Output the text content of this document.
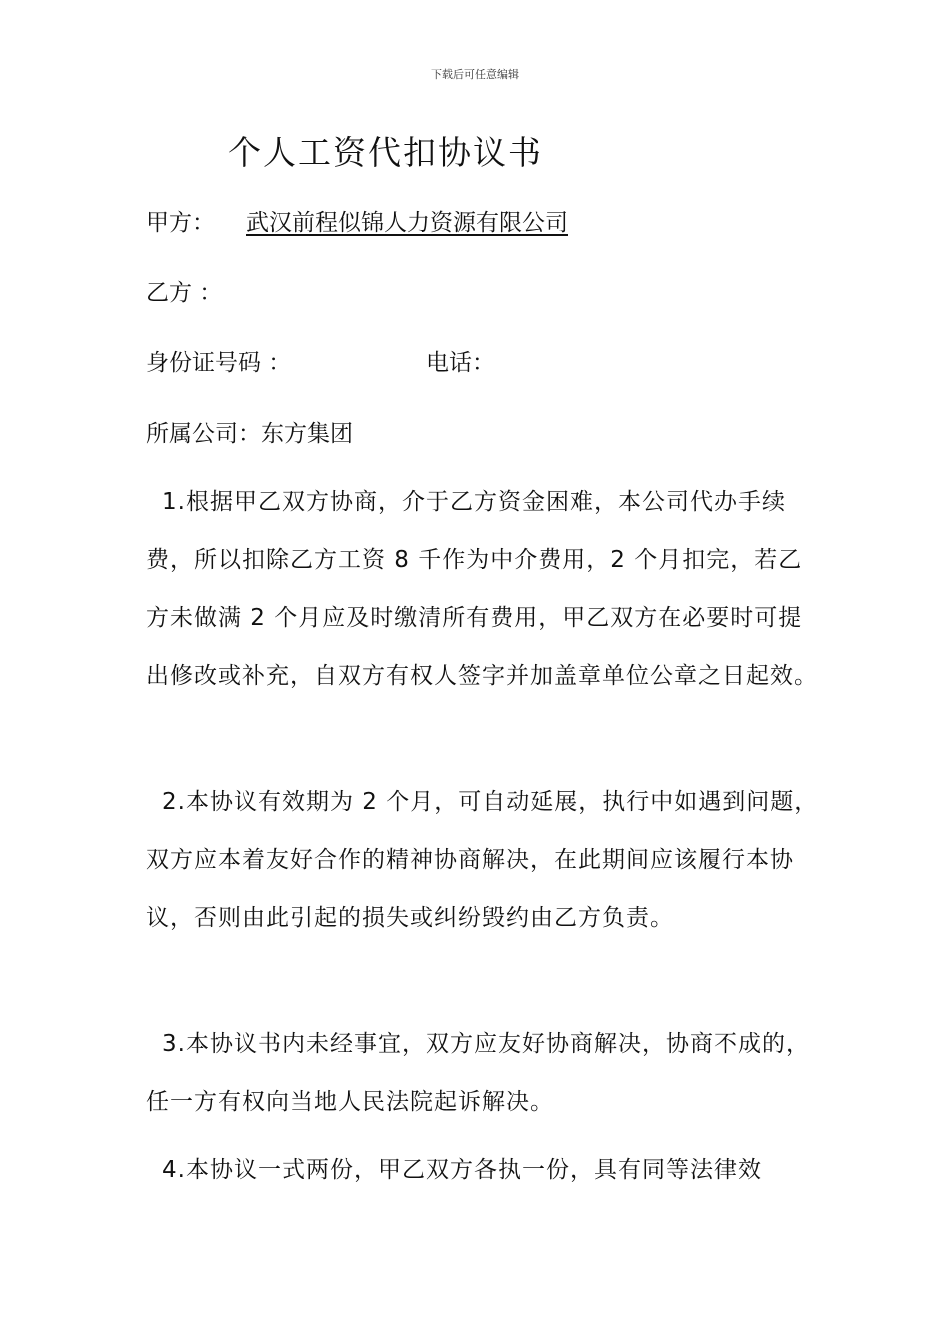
下载后可任意编辑
个人工资代扣协议书
甲方： 武汉前程似锦人力资源有限公司
乙方 ：
身份证号码 ：	电话：
所属公司：东方集团

1.根据甲乙双方协商，介于乙方资金困难，本公司代办手续费，所以扣除乙方工资 8 千作为中介费用，2 个月扣完，若乙方未做满 2 个月应及时缴清所有费用，甲乙双方在必要时可提出修改或补充，自双方有权人签字并加盖章单位公章之日起效。

2.本协议有效期为 2 个月，可自动延展，执行中如遇到问题，双方应本着友好合作的精神协商解决，在此期间应该履行本协议，否则由此引起的损失或纠纷毁约由乙方负责。

3.本协议书内未经事宜，双方应友好协商解决，协商不成的，任一方有权向当地人民法院起诉解决。

4.本协议一式两份，甲乙双方各执一份，具有同等法律效
